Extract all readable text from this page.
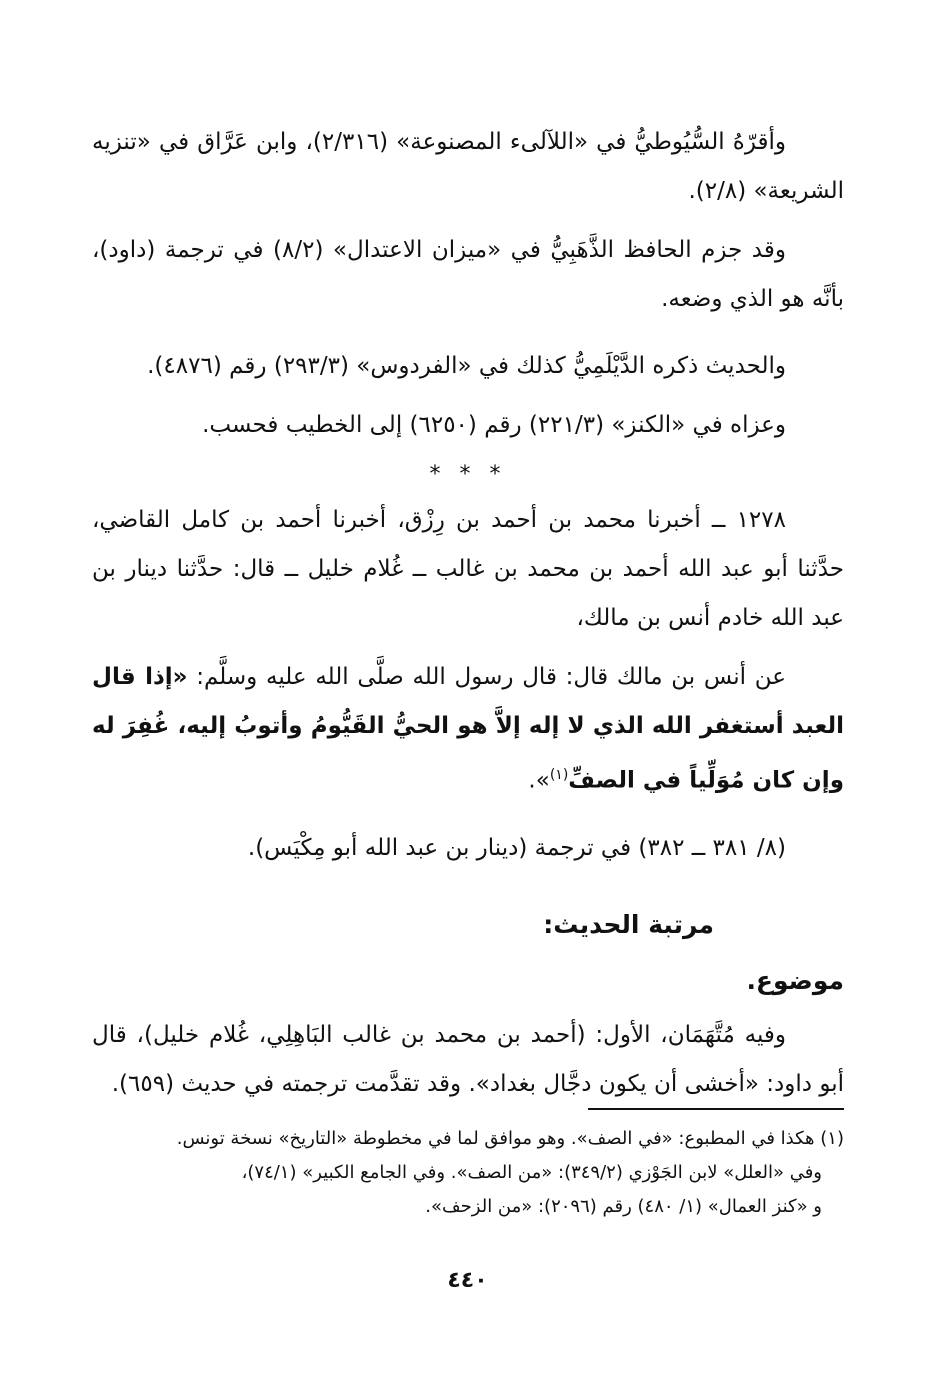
وأقرّهُ السُّيُوطيُّ في «اللآلىء المصنوعة» (٢/٣١٦)، وابن عَرَّاق في «تنزيه الشريعة» (٢/٨).

وقد جزم الحافظ الذَّهَبِيُّ في «ميزان الاعتدال» (٨/٢) في ترجمة (داود)، بأنَّه هو الذي وضعه.

والحديث ذكره الدَّيْلَمِيُّ كذلك في «الفردوس» (٢٩٣/٣) رقم (٤٨٧٦).

وعزاه في «الكنز» (٢٢١/٣) رقم (٦٢٥٠) إلى الخطيب فحسب.

* * *

١٢٧٨ ــ أخبرنا محمد بن أحمد بن رِزْق، أخبرنا أحمد بن كامل القاضي، حدَّثنا أبو عبد الله أحمد بن محمد بن غالب ــ غُلام خليل ــ قال: حدَّثنا دينار بن عبد الله خادم أنس بن مالك،

عن أنس بن مالك قال: قال رسول الله صلَّى الله عليه وسلَّم: «إذا قال العبد أستغفر الله الذي لا إله إلاَّ هو الحيُّ القَيُّومُ وأتوبُ إليه، غُفِرَ له وإن كان مُوَلِّياً في الصفِّ$^{(١)}$».

(٨/ ٣٨١ ــ ٣٨٢) في ترجمة (دينار بن عبد الله أبو مِكْيَس).

مرتبة الحديث:

موضوع.

وفيه مُتَّهَمَان، الأول: (أحمد بن محمد بن غالب البَاهِلِي، غُلام خليل)، قال أبو داود: «أخشى أن يكون دجَّال بغداد». وقد تقدَّمت ترجمته في حديث (٦٥٩).

(١) هكذا في المطبوع: «في الصف». وهو موافق لما في مخطوطة «التاريخ» نسخة تونس.

وفي «العلل» لابن الجَوْزي (٣٤٩/٢): «من الصف». وفي الجامع الكبير» (٧٤/١)،

و «كنز العمال» (١/ ٤٨٠) رقم (٢٠٩٦): «من الزحف».

٤٤٠
